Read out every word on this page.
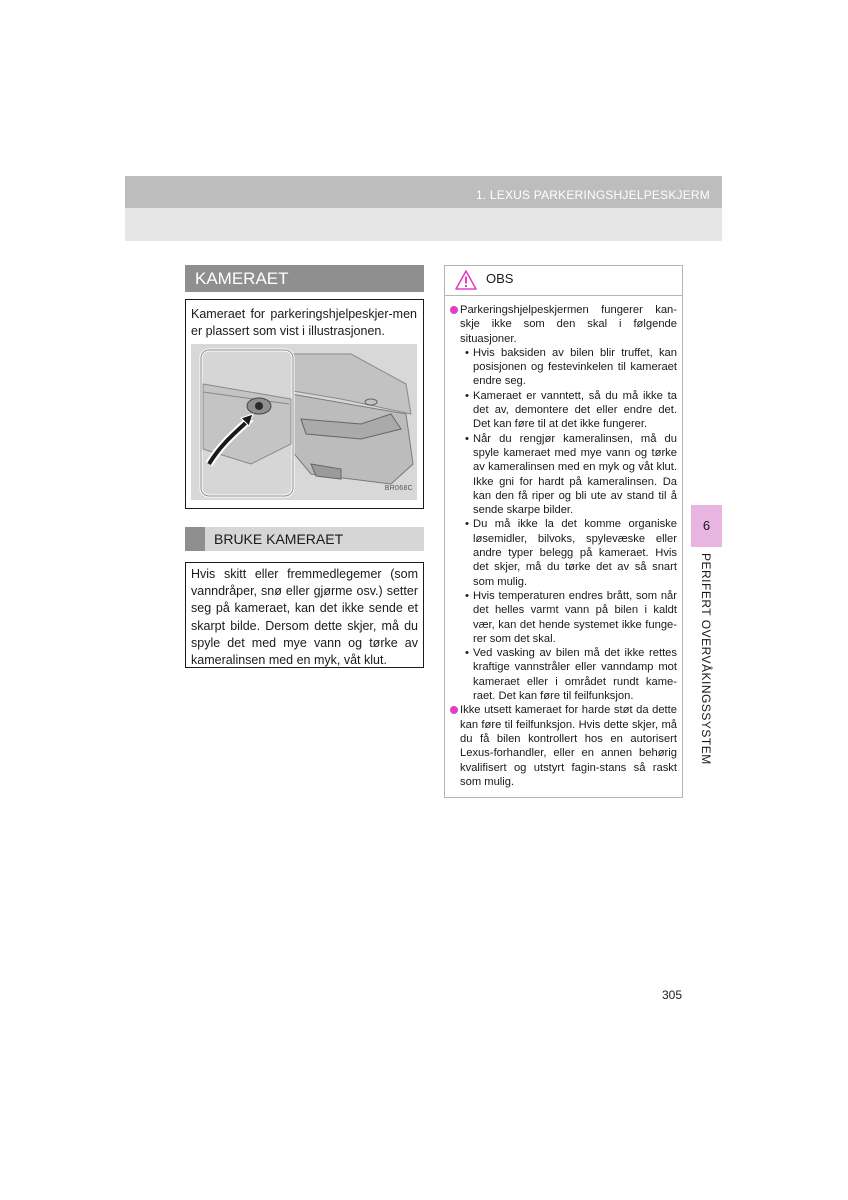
1. LEXUS PARKERINGSHJELPESKJERM
KAMERAET
Kameraet for parkeringshjelpeskjer-men er plassert som vist i illustrasjonen.
BR068C
BRUKE KAMERAET
Hvis skitt eller fremmedlegemer (som vanndråper, snø eller gjørme osv.) setter seg på kameraet, kan det ikke sende et skarpt bilde. Dersom dette skjer, må du spyle det med mye vann og tørke av kameralinsen med en myk, våt klut.
OBS

Parkeringshjelpeskjermen fungerer kan-skje ikke som den skal i følgende situasjoner.

• Hvis baksiden av bilen blir truffet, kan posisjonen og festevinkelen til kameraet endre seg.

• Kameraet er vanntett, så du må ikke ta det av, demontere det eller endre det. Det kan føre til at det ikke fungerer.

• Når du rengjør kameralinsen, må du spyle kameraet med mye vann og tørke av kameralinsen med en myk og våt klut. Ikke gni for hardt på kameralinsen. Da kan den få riper og bli ute av stand til å sende skarpe bilder.

• Du må ikke la det komme organiske løsemidler, bilvoks, spylevæske eller andre typer belegg på kameraet. Hvis det skjer, må du tørke det av så snart som mulig.

• Hvis temperaturen endres brått, som når det helles varmt vann på bilen i kaldt vær, kan det hende systemet ikke funge-rer som det skal.

• Ved vasking av bilen må det ikke rettes kraftige vannstråler eller vanndamp mot kameraet eller i området rundt kame-raet. Det kan føre til feilfunksjon.

Ikke utsett kameraet for harde støt da dette kan føre til feilfunksjon. Hvis dette skjer, må du få bilen kontrollert hos en autorisert Lexus-forhandler, eller en annen behørig kvalifisert og utstyrt fagin-stans så raskt som mulig.

6
PERIFERT OVERVÅKINGSSYSTEM
305
